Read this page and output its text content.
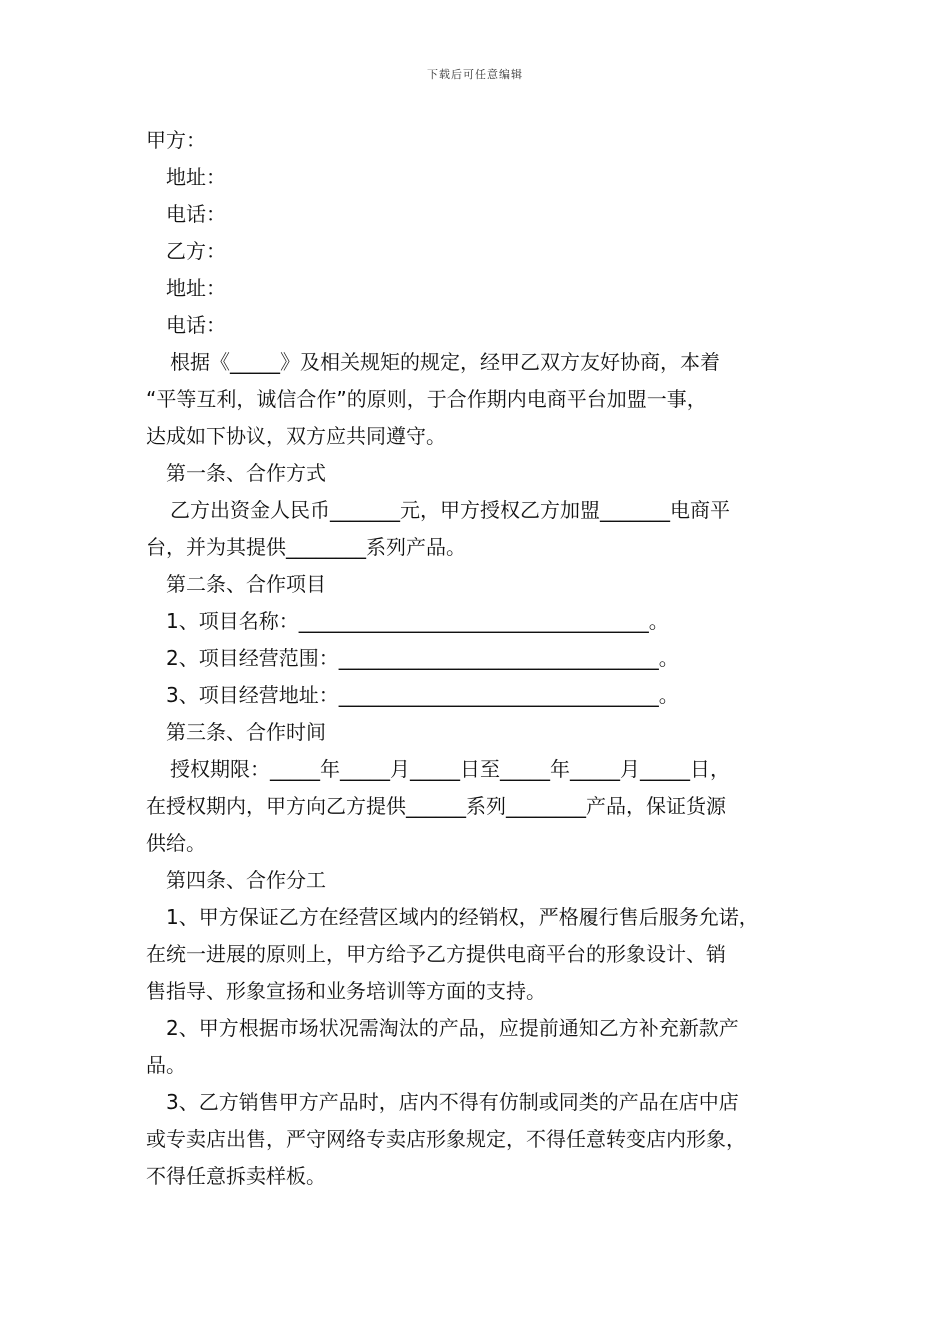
下载后可任意编辑
甲方：
地址：
电话：
乙方：
地址：
电话：
根据《_____》及相关规矩的规定，经甲乙双方友好协商，本着
“平等互利，诚信合作”的原则，于合作期内电商平台加盟一事，
达成如下协议，双方应共同遵守。
第一条、合作方式
乙方出资金人民币_______元，甲方授权乙方加盟_______电商平
台，并为其提供________系列产品。
第二条、合作项目
1、项目名称：___________________________________。
2、项目经营范围：________________________________。
3、项目经营地址：________________________________。
第三条、合作时间
授权期限：_____年_____月_____日至_____年_____月_____日，
在授权期内，甲方向乙方提供______系列________产品，保证货源
供给。
第四条、合作分工
1、甲方保证乙方在经营区域内的经销权，严格履行售后服务允诺，
在统一进展的原则上，甲方给予乙方提供电商平台的形象设计、销
售指导、形象宣扬和业务培训等方面的支持。
2、甲方根据市场状况需淘汰的产品，应提前通知乙方补充新款产
品。
3、乙方销售甲方产品时，店内不得有仿制或同类的产品在店中店
或专卖店出售，严守网络专卖店形象规定，不得任意转变店内形象，
不得任意拆卖样板。
